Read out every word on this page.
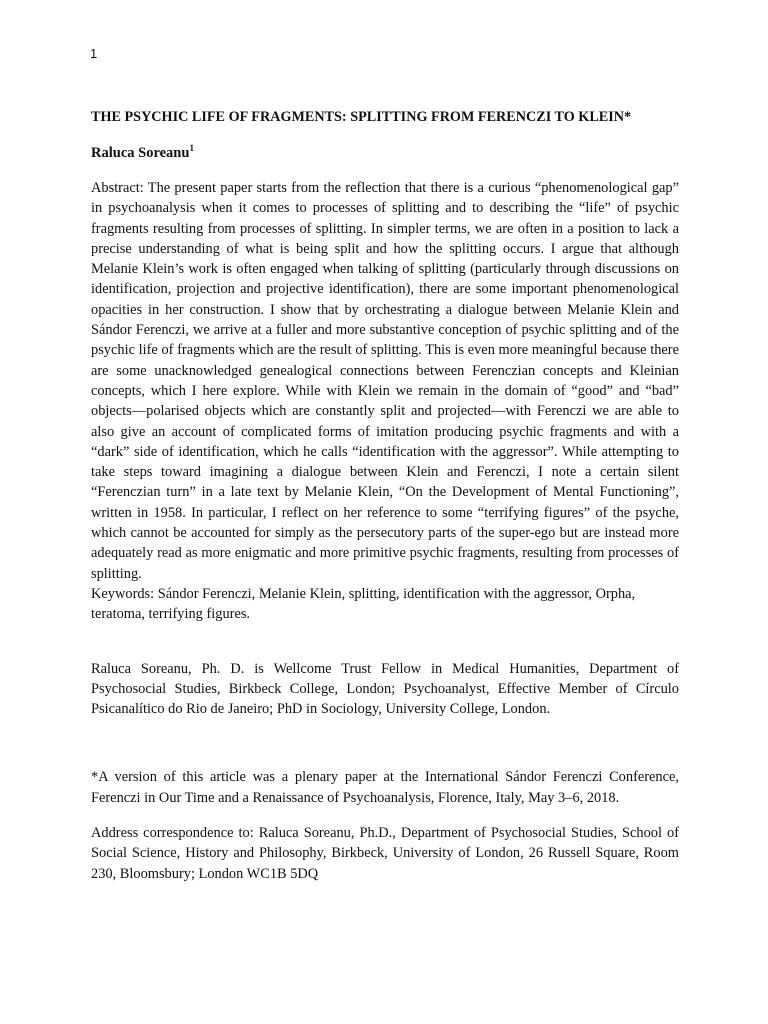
1

THE PSYCHIC LIFE OF FRAGMENTS: SPLITTING FROM FERENCZI TO KLEIN*

Raluca Soreanu$^1$

Abstract: The present paper starts from the reflection that there is a curious “phenomenological gap” in psychoanalysis when it comes to processes of splitting and to describing the “life” of psychic fragments resulting from processes of splitting. In simpler terms, we are often in a position to lack a precise understanding of what is being split and how the splitting occurs. I argue that although Melanie Klein’s work is often engaged when talking of splitting (particularly through discussions on identification, projection and projective identification), there are some important phenomenological opacities in her construction. I show that by orchestrating a dialogue between Melanie Klein and Sándor Ferenczi, we arrive at a fuller and more substantive conception of psychic splitting and of the psychic life of fragments which are the result of splitting. This is even more meaningful because there are some unacknowledged genealogical connections between Ferenczian concepts and Kleinian concepts, which I here explore. While with Klein we remain in the domain of “good” and “bad” objects—polarised objects which are constantly split and projected—with Ferenczi we are able to also give an account of complicated forms of imitation producing psychic fragments and with a “dark” side of identification, which he calls “identification with the aggressor”. While attempting to take steps toward imagining a dialogue between Klein and Ferenczi, I note a certain silent “Ferenczian turn” in a late text by Melanie Klein, “On the Development of Mental Functioning”, written in 1958. In particular, I reflect on her reference to some “terrifying figures” of the psyche, which cannot be accounted for simply as the persecutory parts of the super-ego but are instead more adequately read as more enigmatic and more primitive psychic fragments, resulting from processes of splitting.

Keywords: Sándor Ferenczi, Melanie Klein, splitting, identification with the aggressor, Orpha, teratoma, terrifying figures.

Raluca Soreanu, Ph. D. is Wellcome Trust Fellow in Medical Humanities, Department of Psychosocial Studies, Birkbeck College, London; Psychoanalyst, Effective Member of Círculo Psicanalítico do Rio de Janeiro; PhD in Sociology, University College, London.

*A version of this article was a plenary paper at the International Sándor Ferenczi Conference, Ferenczi in Our Time and a Renaissance of Psychoanalysis, Florence, Italy, May 3–6, 2018.

Address correspondence to: Raluca Soreanu, Ph.D., Department of Psychosocial Studies, School of Social Science, History and Philosophy, Birkbeck, University of London, 26 Russell Square, Room 230, Bloomsbury; London WC1B 5DQ
